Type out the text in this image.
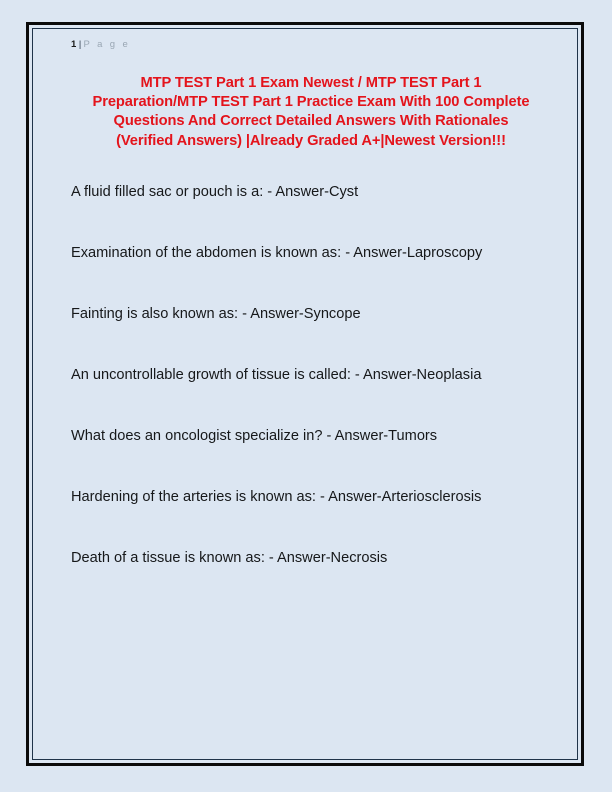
1 | P a g e
MTP TEST Part 1 Exam Newest / MTP TEST Part 1 Preparation/MTP TEST Part 1 Practice Exam With 100 Complete Questions And Correct Detailed Answers With Rationales (Verified Answers) |Already Graded A+|Newest Version!!!
A fluid filled sac or pouch is a: - Answer-Cyst
Examination of the abdomen is known as: - Answer-Laproscopy
Fainting is also known as: - Answer-Syncope
An uncontrollable growth of tissue is called: - Answer-Neoplasia
What does an oncologist specialize in? - Answer-Tumors
Hardening of the arteries is known as: - Answer-Arteriosclerosis
Death of a tissue is known as: - Answer-Necrosis
